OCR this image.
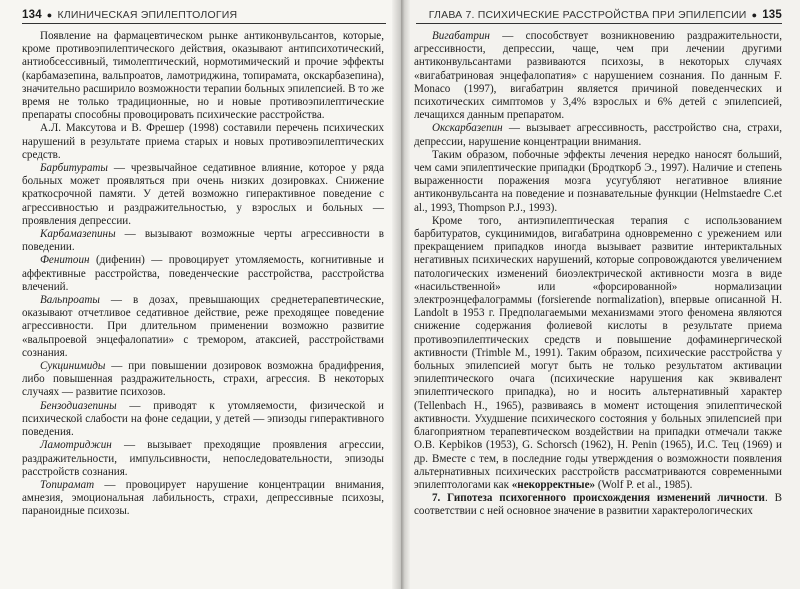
134 ● КЛИНИЧЕСКАЯ ЭПИЛЕПТОЛОГИЯ

Появление на фармацевтическом рынке антиконвульсантов, которые, кроме противоэпилептического действия, оказывают антипсихотический, антиобсессивный, тимолептический, нормотимический и прочие эффекты (карбамазепина, вальпроатов, ламотриджина, топирамата, окскарбазепина), значительно расширило возможности терапии больных эпилепсией. В то же время не только традиционные, но и новые противоэпилептические препараты способны провоцировать психические расстройства.

А.Л. Максутова и В. Фрешер (1998) составили перечень психических нарушений в результате приема старых и новых противоэпилептических средств.

Барбитураты — чрезвычайное седативное влияние, которое у ряда больных может проявляться при очень низких дозировках. Снижение краткосрочной памяти. У детей возможно гиперактивное поведение с агрессивностью и раздражительностью, у взрослых и больных — проявления депрессии.

Карбамазепины — вызывают возможные черты агрессивности в поведении.

Фенитоин (дифенин) — провоцирует утомляемость, когнитивные и аффективные расстройства, поведенческие расстройства, расстройства влечений.

Вальпроаты — в дозах, превышающих среднетерапевтические, оказывают отчетливое седативное действие, реже преходящее поведение агрессивности. При длительном применении возможно развитие «вальпроевой энцефалопатии» с тремором, атаксией, расстройствами сознания.

Сукцинимиды — при повышении дозировок возможна брадифрения, либо повышенная раздражительность, страхи, агрессия. В некоторых случаях — развитие психозов.

Бензодиазепины — приводят к утомляемости, физической и психической слабости на фоне седации, у детей — эпизоды гиперактивного поведения.

Ламотриджин — вызывает преходящие проявления агрессии, раздражительности, импульсивности, непоследовательности, эпизоды расстройств сознания.

Топирамат — провоцирует нарушение концентрации внимания, амнезия, эмоциональная лабильность, страхи, депрессивные психозы, параноидные психозы.

ГЛАВА 7. ПСИХИЧЕСКИЕ РАССТРОЙСТВА ПРИ ЭПИЛЕПСИИ ● 135

Вигабатрин — способствует возникновению раздражительности, агрессивности, депрессии, чаще, чем при лечении другими антиконвульсантами развиваются психозы, в некоторых случаях «вигабатриновая энцефалопатия» с нарушением сознания. По данным F. Monaco (1997), вигабатрин является причиной поведенческих и психотических симптомов у 3,4% взрослых и 6% детей с эпилепсией, лечащихся данным препаратом.

Окскарбазепин — вызывает агрессивность, расстройство сна, страхи, депрессии, нарушение концентрации внимания.

Таким образом, побочные эффекты лечения нередко наносят больший, чем сами эпилептические припадки (Бродткорб Э., 1997). Наличие и степень выраженности поражения мозга усугубляют негативное влияние антиконвульсанта на поведение и познавательные функции (Helmstaedre C.et al., 1993, Thompson P.J., 1993).

Кроме того, антиэпилептическая терапия с использованием барбитуратов, сукцинимидов, вигабатрина одновременно с урежением или прекращением припадков иногда вызывает развитие интериктальных негативных психических нарушений, которые сопровождаются увеличением патологических изменений биоэлектрической активности мозга в виде «насильственной» или «форсированной» нормализации электроэнцефалограммы (forsierende normalization), впервые описанной H. Landolt в 1953 г. Предполагаемыми механизмами этого феномена являются снижение содержания фолиевой кислоты в результате приема противоэпилептических средств и повышение дофаминергической активности (Trimble M., 1991). Таким образом, психические расстройства у больных эпилепсией могут быть не только результатом активации эпилептического очага (психические нарушения как эквивалент эпилептического припадка), но и носить альтернативный характер (Tellenbach H., 1965), развиваясь в момент истощения эпилептической активности. Ухудшение психического состояния у больных эпилепсией при благоприятном терапевтическом воздействии на припадки отмечали также O.B. Kерbikов (1953), G. Schorsch (1962), H. Penin (1965), И.С. Тец (1969) и др. Вместе с тем, в последние годы утверждения о возможности появления альтернативных психических расстройств рассматриваются современными эпилептологами как «некорректные» (Wolf P. et al., 1985).

7. Гипотеза психогенного происхождения изменений личности. В соответствии с ней основное значение в развитии характерологических
